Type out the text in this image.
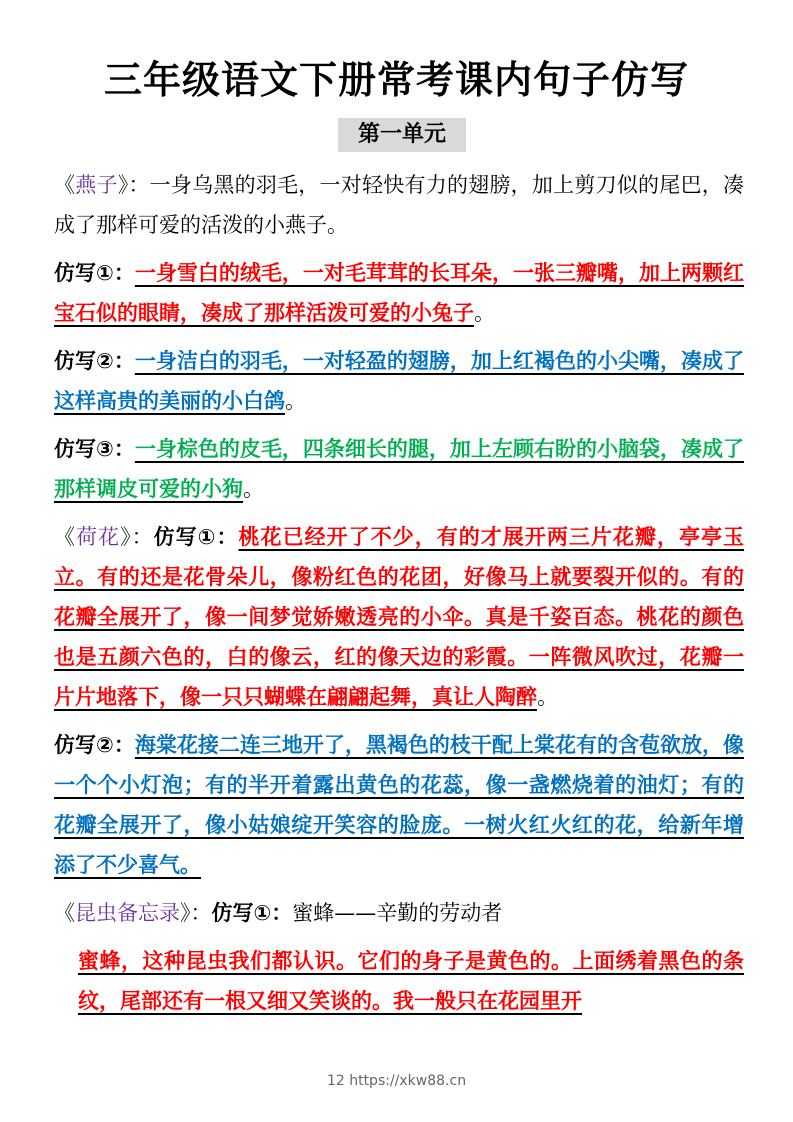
三年级语文下册常考课内句子仿写
第一单元

《燕子》：一身乌黑的羽毛，一对轻快有力的翅膀，加上剪刀似的尾巴，凑成了那样可爱的活泼的小燕子。

仿写①：一身雪白的绒毛，一对毛茸茸的长耳朵，一张三瓣嘴，加上两颗红宝石似的眼睛，凑成了那样活泼可爱的小兔子。

仿写②：一身洁白的羽毛，一对轻盈的翅膀，加上红褐色的小尖嘴，凑成了这样高贵的美丽的小白鸽。

仿写③：一身棕色的皮毛，四条细长的腿，加上左顾右盼的小脑袋，凑成了那样调皮可爱的小狗。

《荷花》：仿写①：桃花已经开了不少，有的才展开两三片花瓣，亭亭玉立。有的还是花骨朵儿，像粉红色的花团，好像马上就要裂开似的。有的花瓣全展开了，像一间梦觉娇嫩透亮的小伞。真是千姿百态。桃花的颜色也是五颜六色的，白的像云，红的像天边的彩霞。一阵微风吹过，花瓣一片片地落下，像一只只蝴蝶在翩翩起舞，真让人陶醉。

仿写②：海棠花接二连三地开了，黑褐色的枝干配上棠花有的含苞欲放，像一个个小灯泡；有的半开着露出黄色的花蕊，像一盏燃烧着的油灯；有的花瓣全展开了，像小姑娘绽开笑容的脸庞。一树火红火红的花，给新年增添了不少喜气。

《昆虫备忘录》：仿写①：蜜蜂——辛勤的劳动者

蜜蜂，这种昆虫我们都认识。它们的身子是黄色的。上面绣着黑色的条纹，尾部还有一根又细又笑谈的。我一般只在花园里开

12 https://xkw88.cn
